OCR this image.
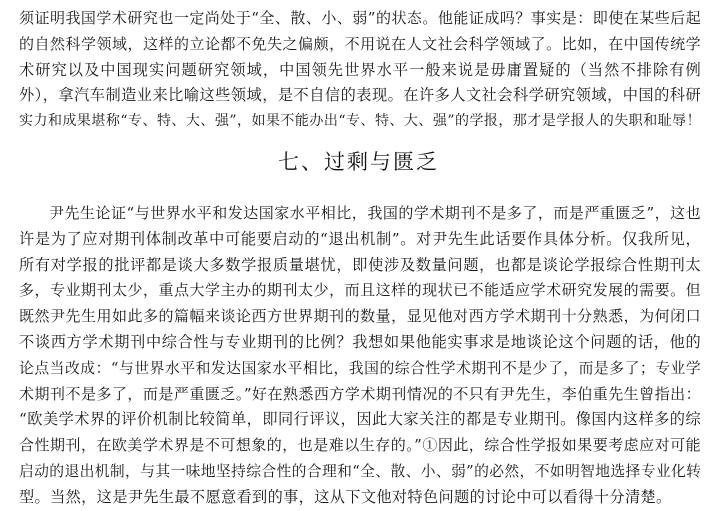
须证明我国学术研究也一定尚处于“全、散、小、弱”的状态。他能证成吗？事实是：即使在某些后起
的自然科学领域，这样的立论都不免失之偏颇，不用说在人文社会科学领域了。比如，在中国传统学
术研究以及中国现实问题研究领域，中国领先世界水平一般来说是毋庸置疑的（当然不排除有例
外），拿汽车制造业来比喻这些领域，是不自信的表现。在许多人文社会科学研究领域，中国的科研
实力和成果堪称“专、特、大、强”，如果不能办出“专、特、大、强”的学报，那才是学报人的失职和耻辱！
七、过剩与匮乏
尹先生论证“与世界水平和发达国家水平相比，我国的学术期刊不是多了，而是严重匮乏”，这也
许是为了应对期刊体制改革中可能要启动的“退出机制”。对尹先生此话要作具体分析。仅我所见，
所有对学报的批评都是谈大多数学报质量堪忧，即使涉及数量问题，也都是谈论学报综合性期刊太
多，专业期刊太少，重点大学主办的期刊太少，而且这样的现状已不能适应学术研究发展的需要。但
既然尹先生用如此多的篇幅来谈论西方世界期刊的数量，显见他对西方学术期刊十分熟悉，为何闭口
不谈西方学术期刊中综合性与专业期刊的比例？我想如果他能实事求是地谈论这个问题的话，他的
论点当改成：“与世界水平和发达国家水平相比，我国的综合性学术期刊不是少了，而是多了；专业学
术期刊不是多了，而是严重匮乏。”好在熟悉西方学术期刊情况的不只有尹先生，李伯重先生曾指出：
“欧美学术界的评价机制比较简单，即同行评议，因此大家关注的都是专业期刊。像国内这样多的综
合性期刊，在欧美学术界是不可想象的，也是难以生存的。”①因此，综合性学报如果要考虑应对可能
启动的退出机制，与其一味地坚持综合性的合理和“全、散、小、弱”的必然，不如明智地选择专业化转
型。当然，这是尹先生最不愿意看到的事，这从下文他对特色问题的讨论中可以看得十分清楚。
